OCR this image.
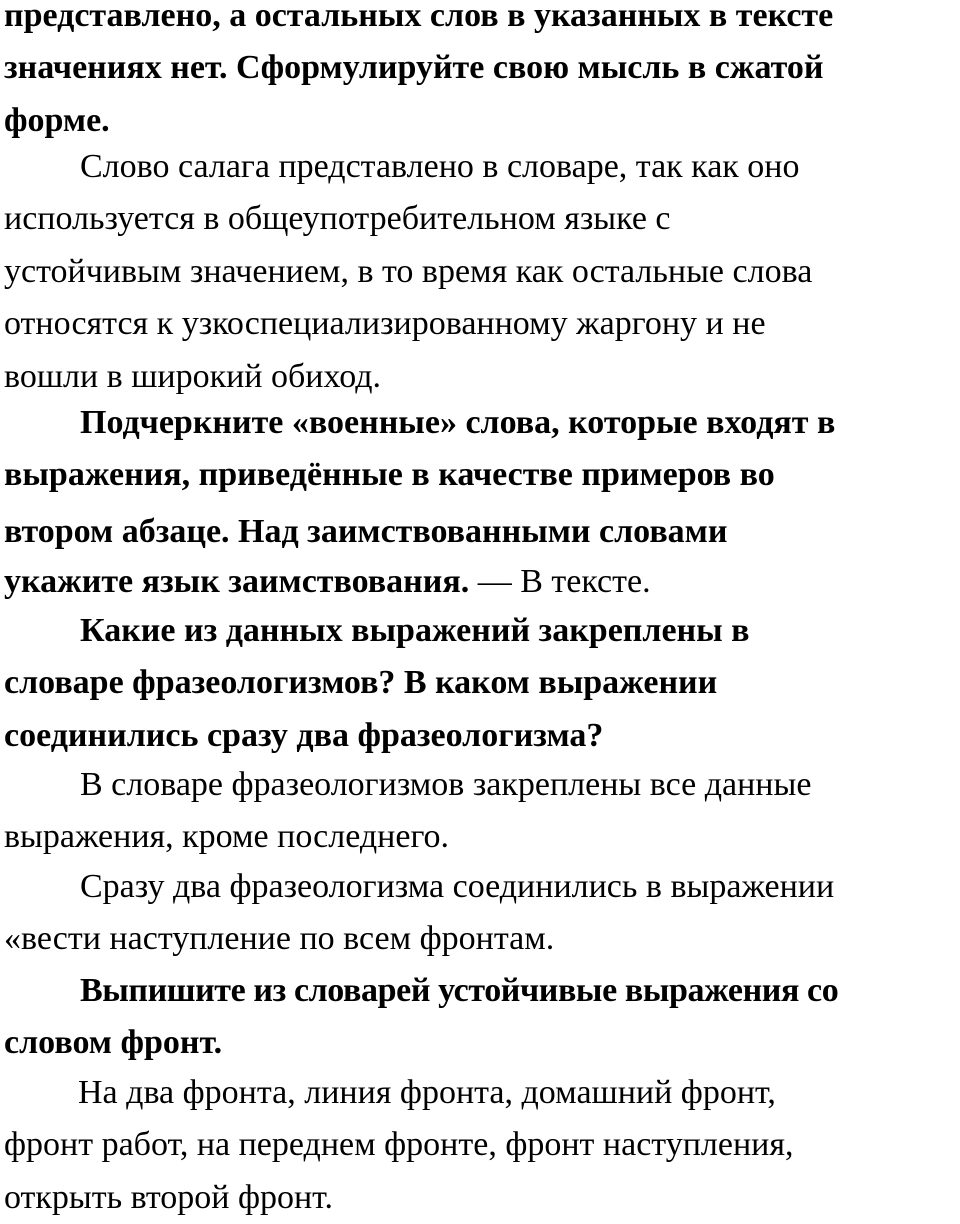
представлено, а остальных слов в указанных в тексте
значениях нет. Сформулируйте свою мысль в сжатой
форме.

Слово салага представлено в словаре, так как оно
используется в общеупотребительном языке с
устойчивым значением, в то время как остальные слова
относятся к узкоспециализированному жаргону и не
вошли в широкий обиход.

Подчеркните «военные» слова, которые входят в
выражения, приведённые в качестве примеров во
втором абзаце. Над заимствованными словами
укажите язык заимствования. — В тексте.

Какие из данных выражений закреплены в
словаре фразеологизмов? В каком выражении
соединились сразу два фразеологизма?

В словаре фразеологизмов закреплены все данные
выражения, кроме последнего.

Сразу два фразеологизма соединились в выражении
«вести наступление по всем фронтам.

Выпишите из словарей устойчивые выражения со
словом фронт.

На два фронта, линия фронта, домашний фронт,
фронт работ, на переднем фронте, фронт наступления,
открыть второй фронт.
